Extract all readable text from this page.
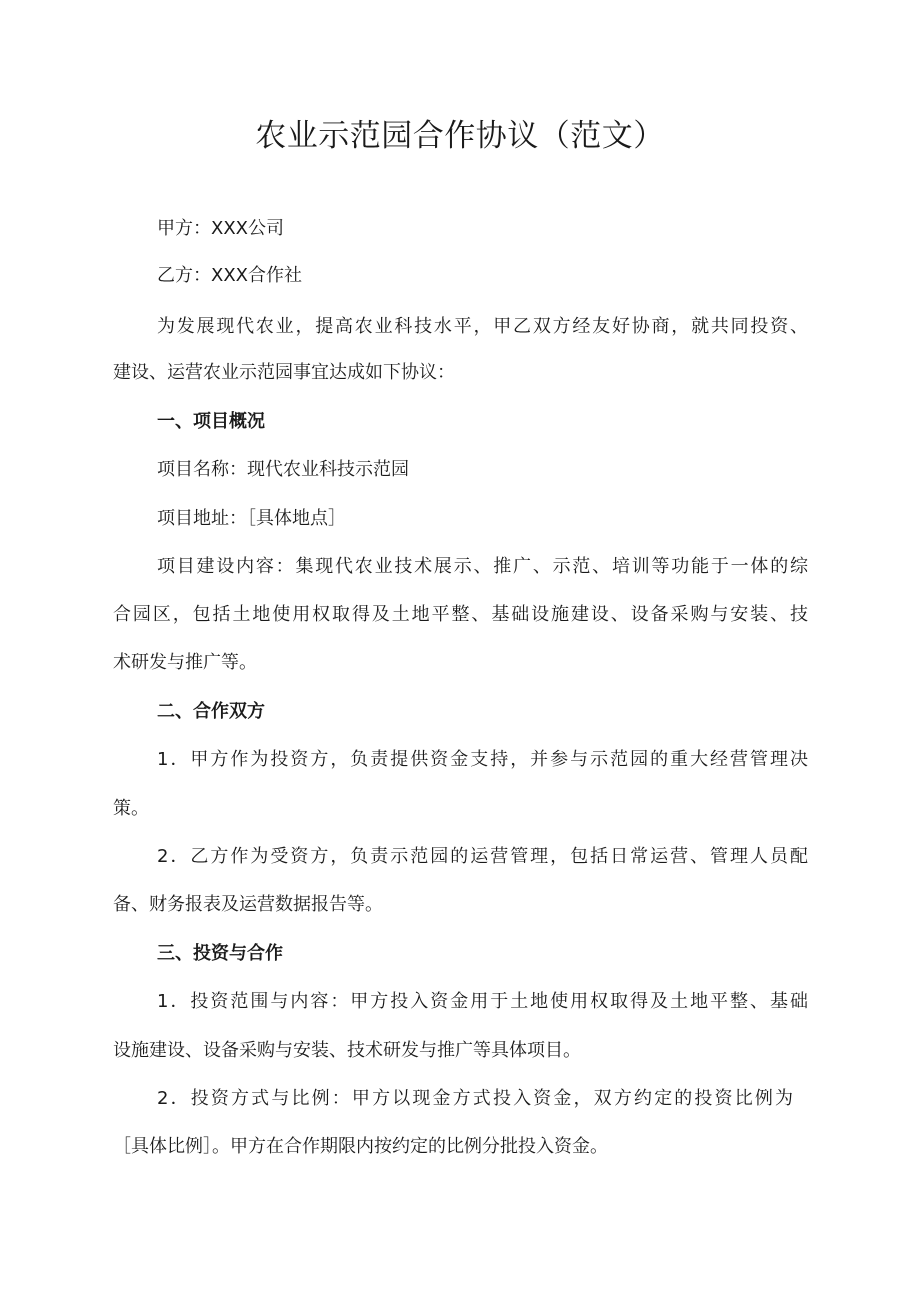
农业示范园合作协议（范文）
甲方：XXX公司
乙方：XXX合作社
为发展现代农业，提高农业科技水平，甲乙双方经友好协商，就共同投资、
建设、运营农业示范园事宜达成如下协议：
一、项目概况
项目名称：现代农业科技示范园
项目地址：［具体地点］
项目建设内容：集现代农业技术展示、推广、示范、培训等功能于一体的综
合园区，包括土地使用权取得及土地平整、基础设施建设、设备采购与安装、技
术研发与推广等。
二、合作双方
1．甲方作为投资方，负责提供资金支持，并参与示范园的重大经营管理决
策。
2．乙方作为受资方，负责示范园的运营管理，包括日常运营、管理人员配
备、财务报表及运营数据报告等。
三、投资与合作
1．投资范围与内容：甲方投入资金用于土地使用权取得及土地平整、基础
设施建设、设备采购与安装、技术研发与推广等具体项目。
2．投资方式与比例：甲方以现金方式投入资金，双方约定的投资比例为
［具体比例］。甲方在合作期限内按约定的比例分批投入资金。
